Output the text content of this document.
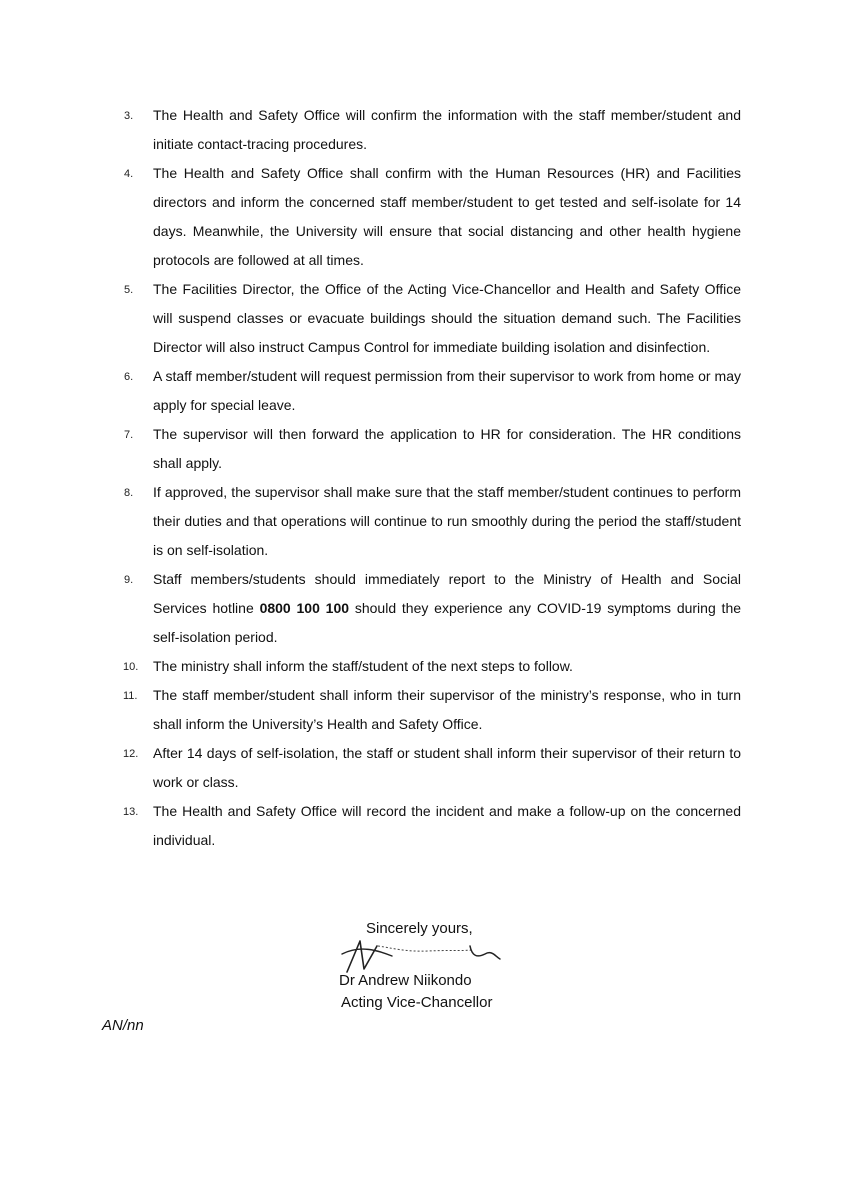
3. The Health and Safety Office will confirm the information with the staff member/student and initiate contact-tracing procedures.

4. The Health and Safety Office shall confirm with the Human Resources (HR) and Facilities directors and inform the concerned staff member/student to get tested and self-isolate for 14 days. Meanwhile, the University will ensure that social distancing and other health hygiene protocols are followed at all times.

5. The Facilities Director, the Office of the Acting Vice-Chancellor and Health and Safety Office will suspend classes or evacuate buildings should the situation demand such. The Facilities Director will also instruct Campus Control for immediate building isolation and disinfection.

6. A staff member/student will request permission from their supervisor to work from home or may apply for special leave.

7. The supervisor will then forward the application to HR for consideration. The HR conditions shall apply.

8. If approved, the supervisor shall make sure that the staff member/student continues to perform their duties and that operations will continue to run smoothly during the period the staff/student is on self-isolation.

9. Staff members/students should immediately report to the Ministry of Health and Social Services hotline 0800 100 100 should they experience any COVID-19 symptoms during the self-isolation period.

10. The ministry shall inform the staff/student of the next steps to follow.

11. The staff member/student shall inform their supervisor of the ministry’s response, who in turn shall inform the University’s Health and Safety Office.

12. After 14 days of self-isolation, the staff or student shall inform their supervisor of their return to work or class.

13. The Health and Safety Office will record the incident and make a follow-up on the concerned individual.

Sincerely yours,
Dr Andrew Niikondo
Acting Vice-Chancellor
AN/nn
